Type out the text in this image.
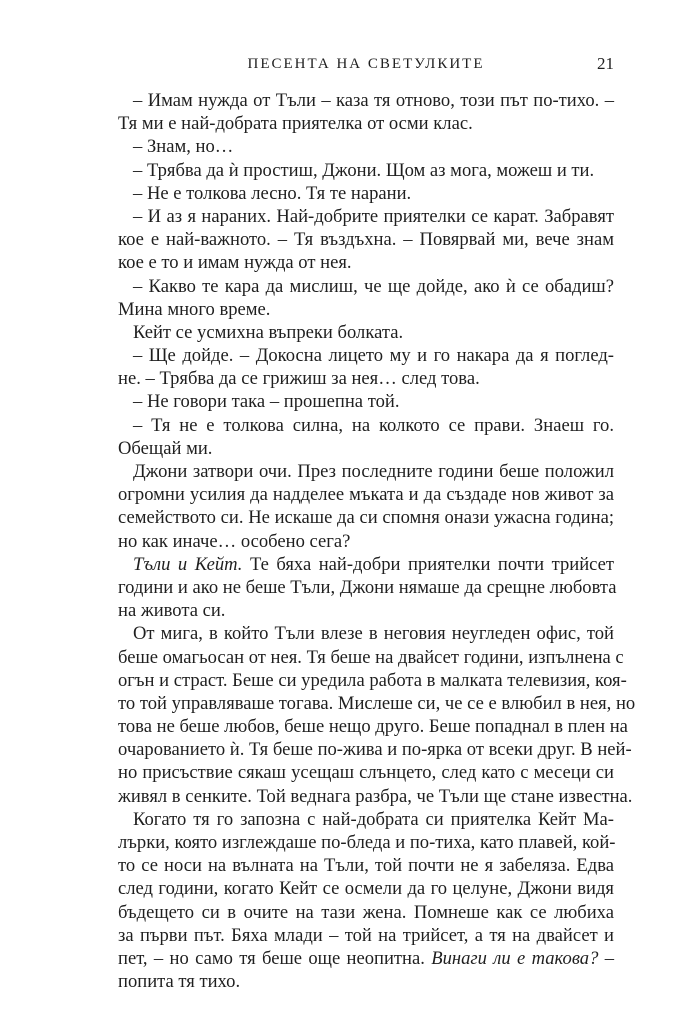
ПЕСЕНТА НА СВЕТУЛКИТЕ	21
– Имам нужда от Тъли – каза тя отново, този път по-тихо. –
Тя ми е най-добрата приятелка от осми клас.
– Знам, но…
– Трябва да ѝ простиш, Джони. Щом аз мога, можеш и ти.
– Не е толкова лесно. Тя те нарани.
– И аз я нараних. Най-добрите приятелки се карат. Забравят
кое е най-важното. – Тя въздъхна. – Повярвай ми, вече знам
кое е то и имам нужда от нея.
– Какво те кара да мислиш, че ще дойде, ако ѝ се обадиш?
Мина много време.
Кейт се усмихна въпреки болката.
– Ще дойде. – Докосна лицето му и го накара да я поглед-
не. – Трябва да се грижиш за нея… след това.
– Не говори така – прошепна той.
– Тя не е толкова силна, на колкото се прави. Знаеш го.
Обещай ми.
Джони затвори очи. През последните години беше положил
огромни усилия да надделее мъката и да създаде нов живот за
семейството си. Не искаше да си спомня онази ужасна година;
но как иначе… особено сега?
Тъли и Кейт. Те бяха най-добри приятелки почти трийсет
години и ако не беше Тъли, Джони нямаше да срещне любовта
на живота си.
От мига, в който Тъли влезе в неговия неугледен офис, той
беше омагьосан от нея. Тя беше на двайсет години, изпълнена с
огън и страст. Беше си уредила работа в малката телевизия, коя-
то той управляваше тогава. Мислеше си, че се е влюбил в нея, но
това не беше любов, беше нещо друго. Беше попаднал в плен на
очарованието ѝ. Тя беше по-жива и по-ярка от всеки друг. В ней-
но присъствие сякаш усещаш слънцето, след като с месеци си
живял в сенките. Той веднага разбра, че Тъли ще стане известна.
Когато тя го запозна с най-добрата си приятелка Кейт Ма-
лърки, която изглеждаше по-бледа и по-тиха, като плавей, кой-
то се носи на вълната на Тъли, той почти не я забеляза. Едва
след години, когато Кейт се осмели да го целуне, Джони видя
бъдещето си в очите на тази жена. Помнеше как се любиха
за първи път. Бяха млади – той на трийсет, а тя на двайсет и
пет, – но само тя беше още неопитна. Винаги ли е такова? –
попита тя тихо.
